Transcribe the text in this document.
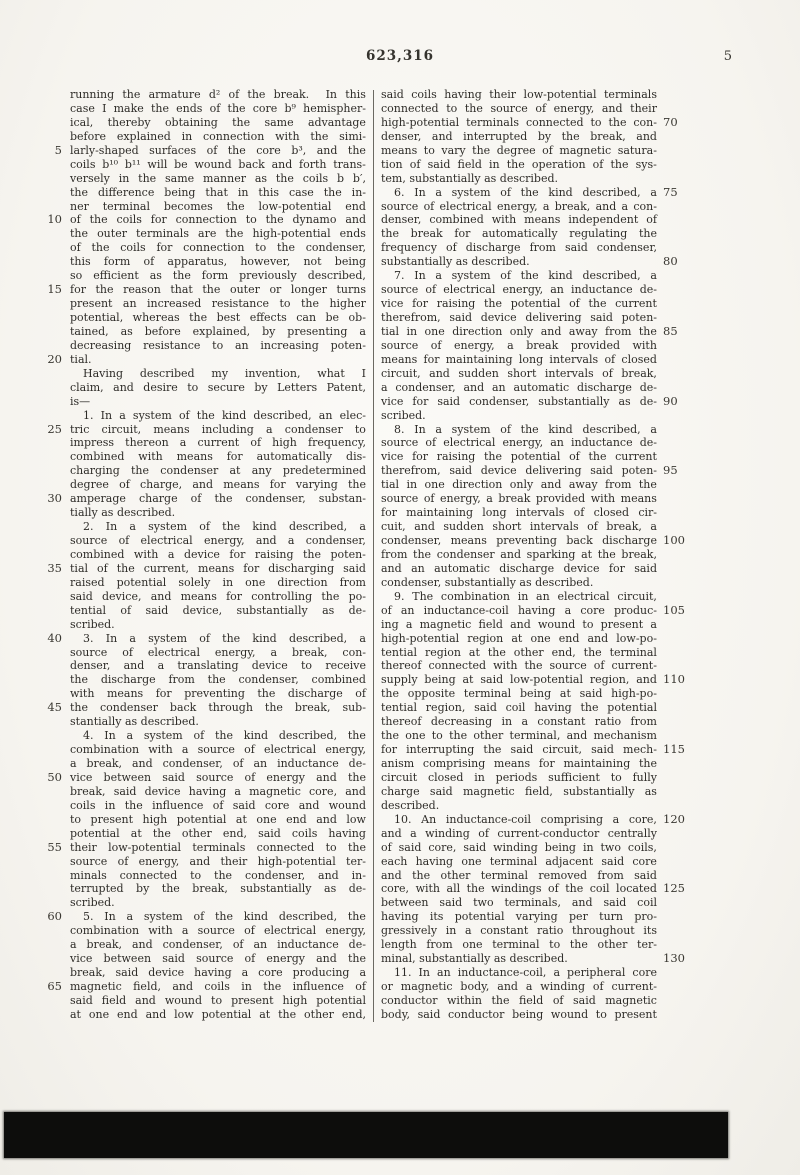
623,316	5
running the armature d² of the break. In this
case I make the ends of the core b⁹ hemispher-
ical, thereby obtaining the same advantage
before explained in connection with the simi-
larly-shaped surfaces of the core b³, and the
5
coils b¹⁰ b¹¹ will be wound back and forth trans-
versely in the same manner as the coils b b′,
the difference being that in this case the in-
ner terminal becomes the low-potential end
of the coils for connection to the dynamo and
10
the outer terminals are the high-potential ends
of the coils for connection to the condenser,
this form of apparatus, however, not being
so efficient as the form previously described,
for the reason that the outer or longer turns
15
present an increased resistance to the higher
potential, whereas the best effects can be ob-
tained, as before explained, by presenting a
decreasing resistance to an increasing poten-
tial.
20
Having described my invention, what I
claim, and desire to secure by Letters Patent,
is—
1. In a system of the kind described, an elec-
tric circuit, means including a condenser to
25
impress thereon a current of high frequency,
combined with means for automatically dis-
charging the condenser at any predetermined
degree of charge, and means for varying the
amperage charge of the condenser, substan-
30
tially as described.
2. In a system of the kind described, a
source of electrical energy, and a condenser,
combined with a device for raising the poten-
tial of the current, means for discharging said
35
raised potential solely in one direction from
said device, and means for controlling the po-
tential of said device, substantially as de-
scribed.
3. In a system of the kind described, a
40
source of electrical energy, a break, con-
denser, and a translating device to receive
the discharge from the condenser, combined
with means for preventing the discharge of
the condenser back through the break, sub-
45
stantially as described.
4. In a system of the kind described, the
combination with a source of electrical energy,
a break, and condenser, of an inductance de-
vice between said source of energy and the
50
break, said device having a magnetic core, and
coils in the influence of said core and wound
to present high potential at one end and low
potential at the other end, said coils having
their low-potential terminals connected to the
55
source of energy, and their high-potential ter-
minals connected to the condenser, and in-
terrupted by the break, substantially as de-
scribed.
5. In a system of the kind described, the
60
combination with a source of electrical energy,
a break, and condenser, of an inductance de-
vice between said source of energy and the
break, said device having a core producing a
magnetic field, and coils in the influence of
65
said field and wound to present high potential
at one end and low potential at the other end,
said coils having their low-potential terminals
connected to the source of energy, and their
high-potential terminals connected to the con- 70
denser, and interrupted by the break, and
means to vary the degree of magnetic satura-
tion of said field in the operation of the sys-
tem, substantially as described.
6. In a system of the kind described, a 75
source of electrical energy, a break, and a con-
denser, combined with means independent of
the break for automatically regulating the
frequency of discharge from said condenser,
substantially as described.	80
7. In a system of the kind described, a
source of electrical energy, an inductance de-
vice for raising the potential of the current
therefrom, said device delivering said poten-
tial in one direction only and away from the 85
source of energy, a break provided with
means for maintaining long intervals of closed
circuit, and sudden short intervals of break,
a condenser, and an automatic discharge de-
vice for said condenser, substantially as de- 90
scribed.
8. In a system of the kind described, a
source of electrical energy, an inductance de-
vice for raising the potential of the current
therefrom, said device delivering said poten- 95
tial in one direction only and away from the
source of energy, a break provided with means
for maintaining long intervals of closed cir-
cuit, and sudden short intervals of break, a
condenser, means preventing back discharge 100
from the condenser and sparking at the break,
and an automatic discharge device for said
condenser, substantially as described.
9. The combination in an electrical circuit,
of an inductance-coil having a core produc- 105
ing a magnetic field and wound to present a
high-potential region at one end and low-po-
tential region at the other end, the terminal
thereof connected with the source of current-
supply being at said low-potential region, and 110
the opposite terminal being at said high-po-
tential region, said coil having the potential
thereof decreasing in a constant ratio from
the one to the other terminal, and mechanism
for interrupting the said circuit, said mech- 115
anism comprising means for maintaining the
circuit closed in periods sufficient to fully
charge said magnetic field, substantially as
described.
10. An inductance-coil comprising a core, 120
and a winding of current-conductor centrally
of said core, said winding being in two coils,
each having one terminal adjacent said core
and the other terminal removed from said
core, with all the windings of the coil located 125
between said two terminals, and said coil
having its potential varying per turn pro-
gressively in a constant ratio throughout its
length from one terminal to the other ter-
minal, substantially as described.	130
11. In an inductance-coil, a peripheral core
or magnetic body, and a winding of current-
conductor within the field of said magnetic
body, said conductor being wound to present
